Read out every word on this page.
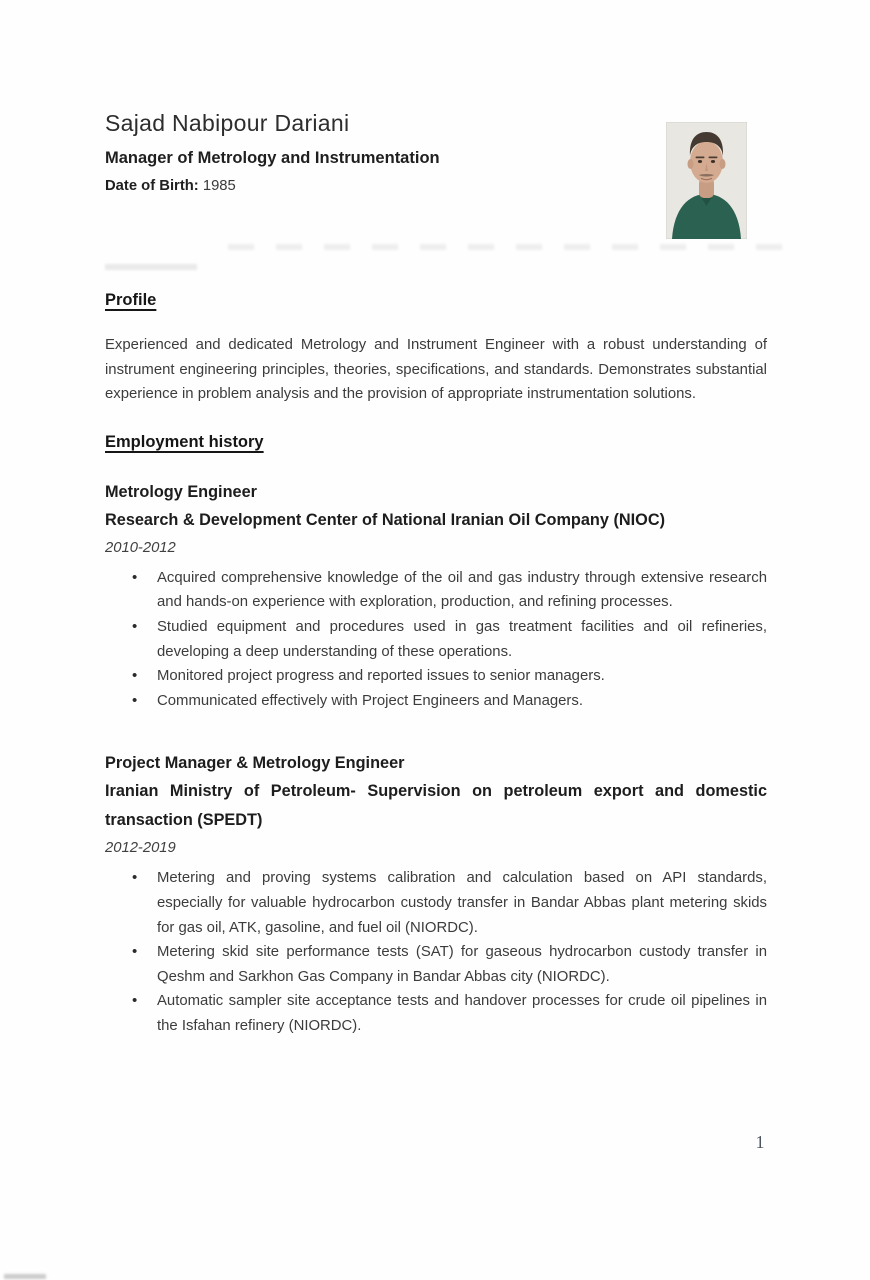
Sajad Nabipour Dariani
Manager of Metrology and Instrumentation
Date of Birth: 1985
Profile

Experienced and dedicated Metrology and Instrument Engineer with a robust understanding of instrument engineering principles, theories, specifications, and standards. Demonstrates substantial experience in problem analysis and the provision of appropriate instrumentation solutions.

Employment history
Metrology Engineer
Research & Development Center of National Iranian Oil Company (NIOC)
2010-2012
• Acquired comprehensive knowledge of the oil and gas industry through extensive research and hands-on experience with exploration, production, and refining processes.
• Studied equipment and procedures used in gas treatment facilities and oil refineries, developing a deep understanding of these operations.
• Monitored project progress and reported issues to senior managers.
• Communicated effectively with Project Engineers and Managers.
Project Manager & Metrology Engineer
Iranian Ministry of Petroleum- Supervision on petroleum export and domestic transaction (SPEDT)
2012-2019
• Metering and proving systems calibration and calculation based on API standards, especially for valuable hydrocarbon custody transfer in Bandar Abbas plant metering skids for gas oil, ATK, gasoline, and fuel oil (NIORDC).
• Metering skid site performance tests (SAT) for gaseous hydrocarbon custody transfer in Qeshm and Sarkhon Gas Company in Bandar Abbas city (NIORDC).
• Automatic sampler site acceptance tests and handover processes for crude oil pipelines in the Isfahan refinery (NIORDC).
1
